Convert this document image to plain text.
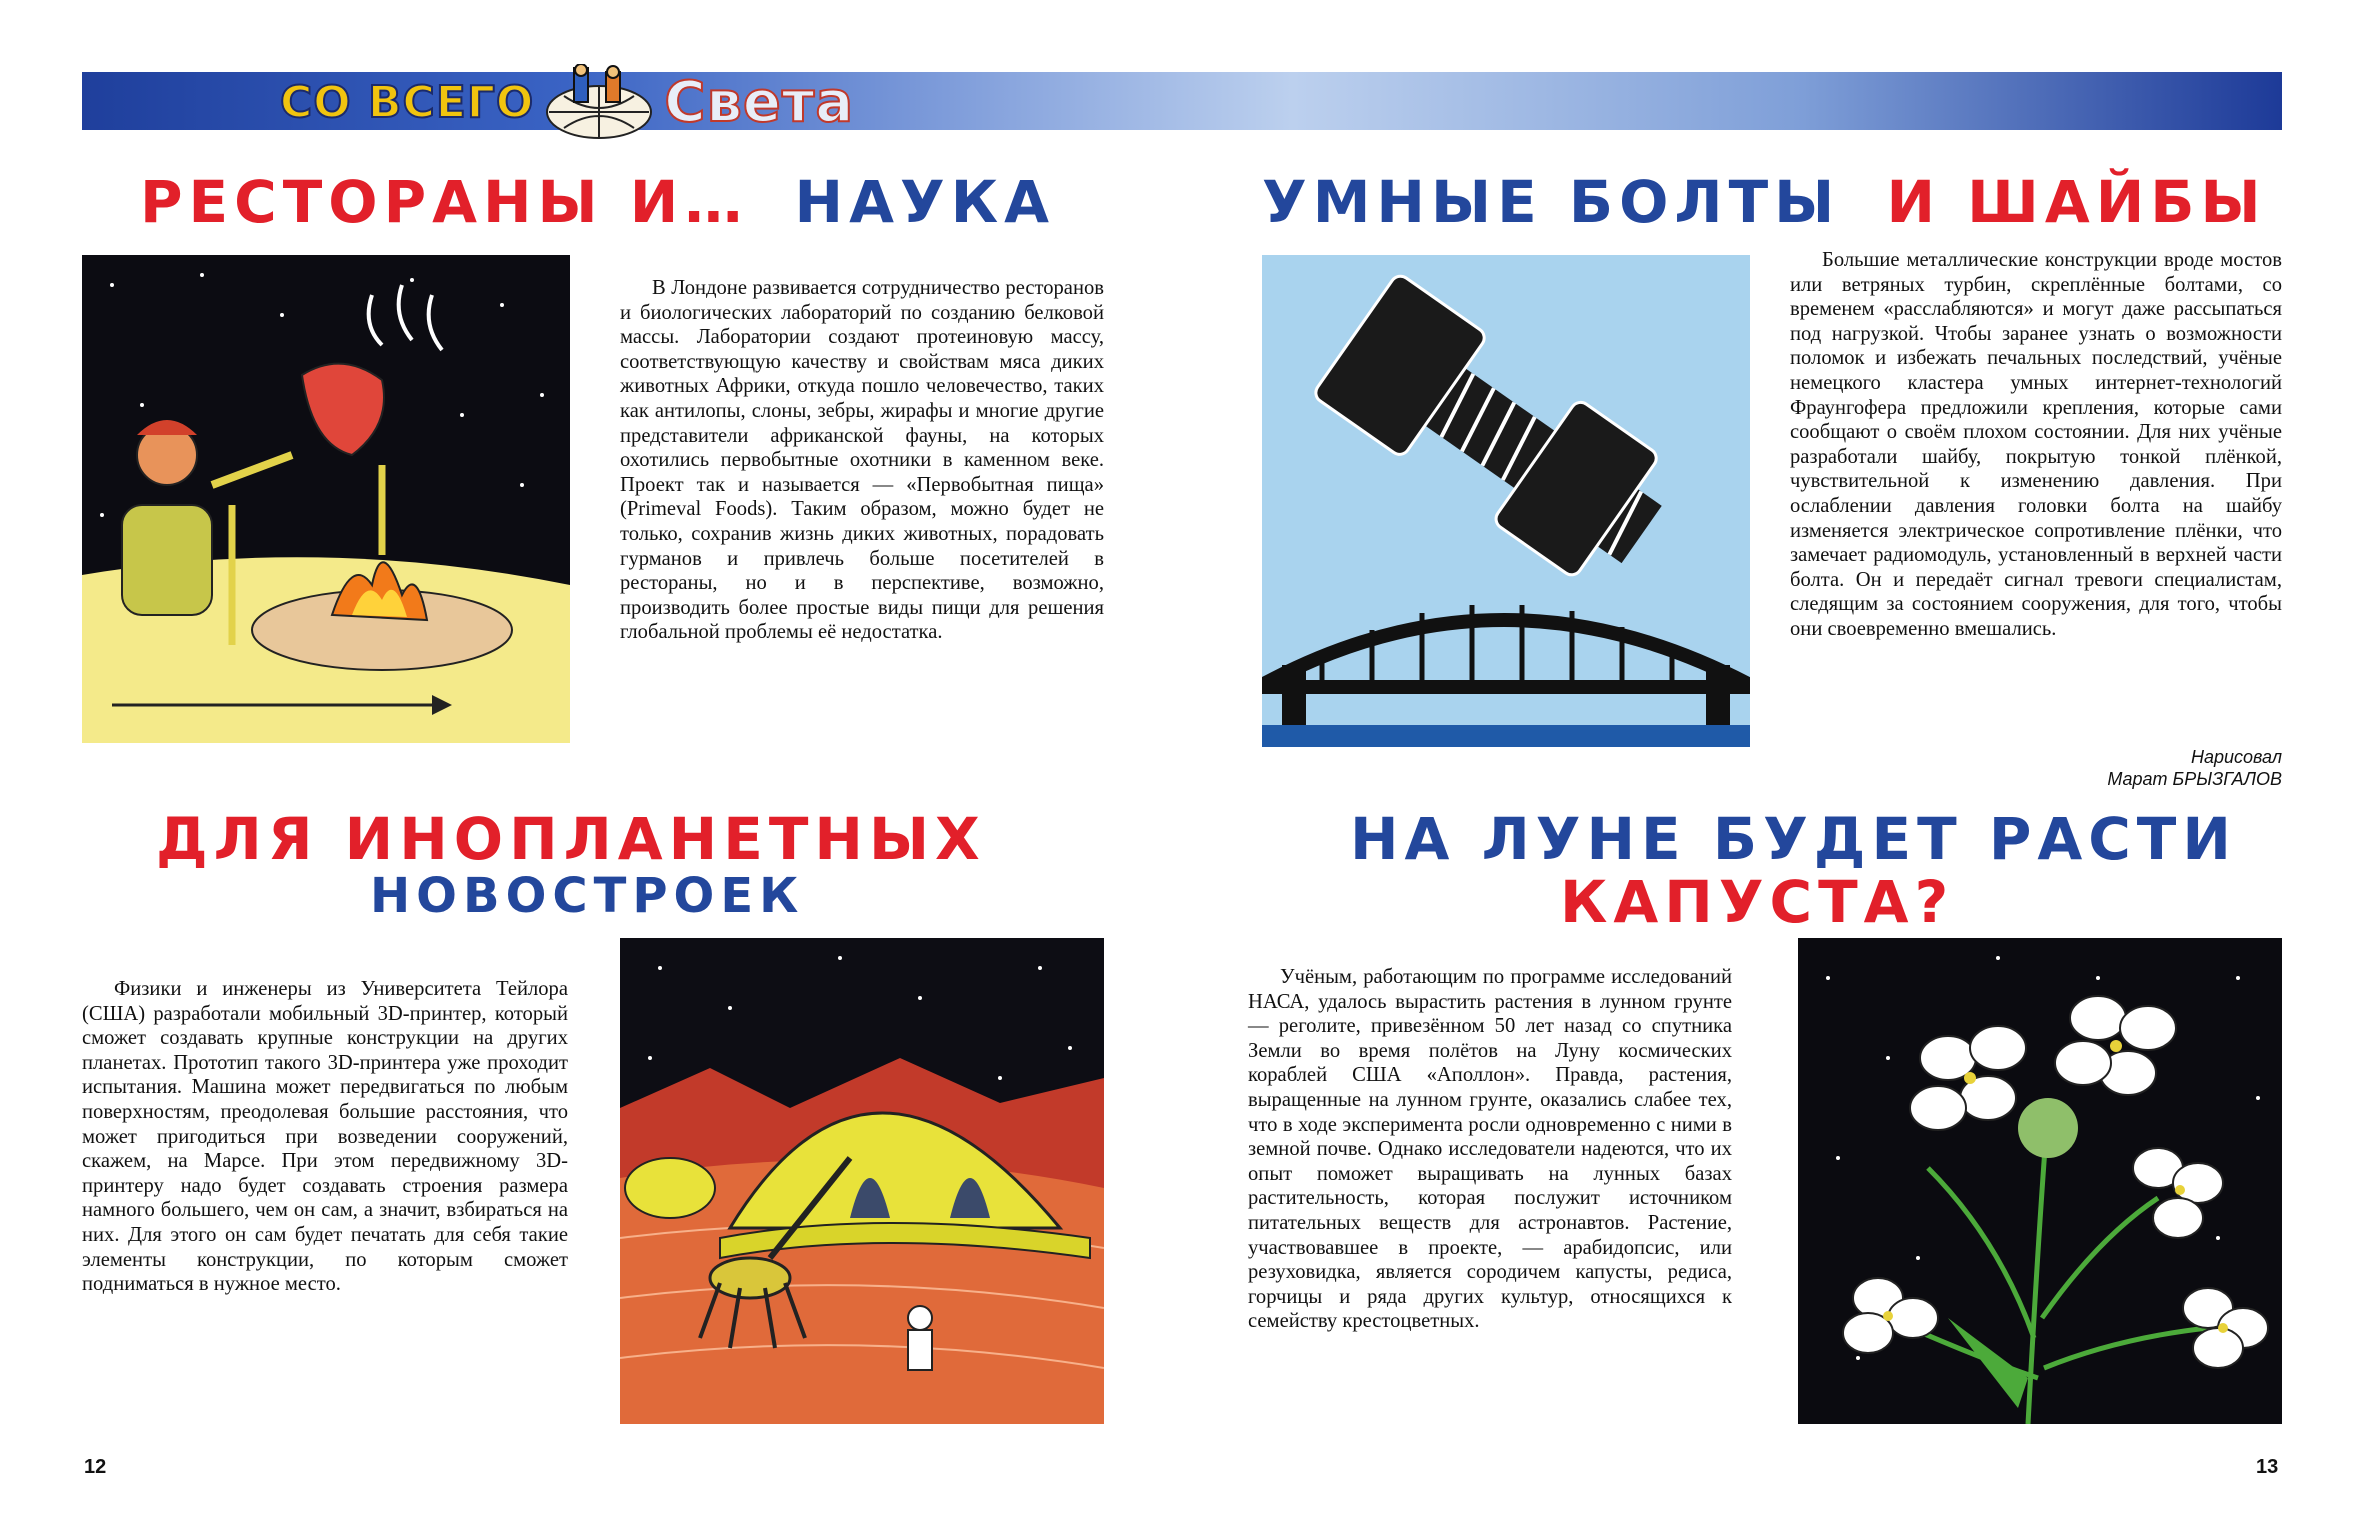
СО ВСЕГО Света
РЕСТОРАНЫ И… НАУКА

В Лондоне развивается сотрудничество ресторанов и биологических лабораторий по созданию белковой массы. Лаборатории создают протеиновую массу, соответствующую качеству и свойствам мяса диких животных Африки, откуда пошло человечество, таких как антилопы, слоны, зебры, жирафы и многие другие представители африканской фауны, на которых охотились первобытные охотники в каменном веке. Проект так и называется — «Первобытная пища» (Primeval Foods). Таким образом, можно будет не только, сохранив жизнь диких животных, порадовать гурманов и привлечь больше посетителей в рестораны, но и в перспективе, возможно, производить более простые виды пищи для решения глобальной проблемы её недостатка.

УМНЫЕ БОЛТЫ И ШАЙБЫ

Большие металлические конструкции вроде мостов или ветряных турбин, скреплённые болтами, со временем «расслабляются» и могут даже рассыпаться под нагрузкой. Чтобы заранее узнать о возможности поломок и избежать печальных последствий, учёные немецкого кластера умных интернет-технологий Фраунгофера предложили крепления, которые сами сообщают о своём плохом состоянии. Для них учёные разработали шайбу, покрытую тонкой плёнкой, чувствительной к изменению давления. При ослаблении давления головки болта на шайбу изменяется электрическое сопротивление плёнки, что замечает радиомодуль, установленный в верхней части болта. Он и передаёт сигнал тревоги специалистам, следящим за состоянием сооружения, для того, чтобы они своевременно вмешались.

Нарисовал
Марат БРЫЗГАЛОВ
ДЛЯ ИНОПЛАНЕТНЫХ
НОВОСТРОЕК

Физики и инженеры из Университета Тейлора (США) разработали мобильный 3D-принтер, который сможет создавать крупные конструкции на других планетах. Прототип такого 3D-принтера уже проходит испытания. Машина может передвигаться по любым поверхностям, преодолевая большие расстояния, что может пригодиться при возведении сооружений, скажем, на Марсе. При этом передвижному 3D-принтеру надо будет создавать строения размера намного большего, чем он сам, а значит, взбираться на них. Для этого он сам будет печатать для себя такие элементы конструкции, по которым сможет подниматься в нужное место.

НА ЛУНЕ БУДЕТ РАСТИ
КАПУСТА?

Учёным, работающим по программе исследований НАСА, удалось вырастить растения в лунном грунте — реголите, привезённом 50 лет назад со спутника Земли во время полётов на Луну космических кораблей США «Аполлон». Правда, растения, выращенные на лунном грунте, оказались слабее тех, что в ходе эксперимента росли одновременно с ними в земной почве. Однако исследователи надеются, что их опыт поможет выращивать на лунных базах растительность, которая послужит источником питательных веществ для астронавтов. Растение, участвовавшее в проекте, — арабидопсис, или резуховидка, является сородичем капусты, редиса, горчицы и ряда других культур, относящихся к семейству крестоцветных.

12	13
